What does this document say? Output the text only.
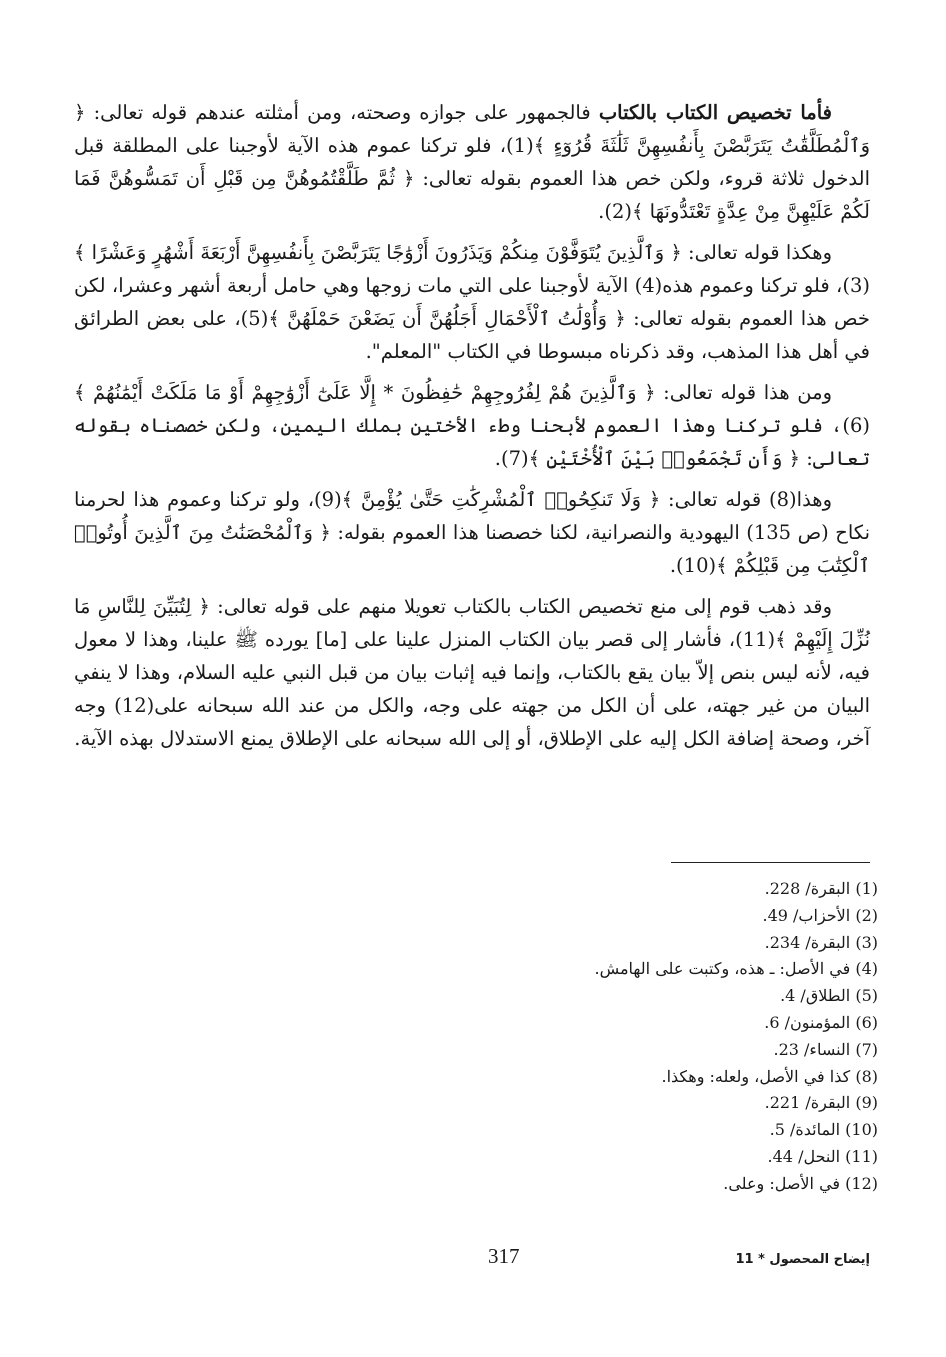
فأما تخصيص الكتاب بالكتاب فالجمهور على جوازه وصحته، ومن أمثلته عندهم قوله تعالى: ﴿ وَٱلْمُطَلَّقَٰتُ يَتَرَبَّصْنَ بِأَنفُسِهِنَّ ثَلَٰثَةَ قُرُوٓءٍ ﴾(1)، فلو تركنا عموم هذه الآية لأوجبنا على المطلقة قبل الدخول ثلاثة قروء، ولكن خص هذا العموم بقوله تعالى: ﴿ ثُمَّ طَلَّقْتُمُوهُنَّ مِن قَبْلِ أَن تَمَسُّوهُنَّ فَمَا لَكُمْ عَلَيْهِنَّ مِنْ عِدَّةٍ تَعْتَدُّونَهَا ﴾(2).

وهكذا قوله تعالى: ﴿ وَٱلَّذِينَ يُتَوَفَّوْنَ مِنكُمْ وَيَذَرُونَ أَزْوَٰجًا يَتَرَبَّصْنَ بِأَنفُسِهِنَّ أَرْبَعَةَ أَشْهُرٍ وَعَشْرًا ﴾(3)، فلو تركنا وعموم هذه(4) الآية لأوجبنا على التي مات زوجها وهي حامل أربعة أشهر وعشرا، لكن خص هذا العموم بقوله تعالى: ﴿ وَأُوْلَٰتُ ٱلْأَحْمَالِ أَجَلُهُنَّ أَن يَضَعْنَ حَمْلَهُنَّ ﴾(5)، على بعض الطرائق في أهل هذا المذهب، وقد ذكرناه مبسوطا في الكتاب "المعلم".

ومن هذا قوله تعالى: ﴿ وَٱلَّذِينَ هُمْ لِفُرُوجِهِمْ حَٰفِظُونَ * إِلَّا عَلَىٰٓ أَزْوَٰجِهِمْ أَوْ مَا مَلَكَتْ أَيْمَٰنُهُمْ ﴾(6)، فلو تركنا وهذا العموم لأبحنا وطء الأختين بملك اليمين، ولكن خصصناه بقوله تعالى: ﴿ وَأَن تَجْمَعُوا۟ بَيْنَ ٱلْأُخْتَيْنِ ﴾(7).

وهذا(8) قوله تعالى: ﴿ وَلَا تَنكِحُوا۟ ٱلْمُشْرِكَٰتِ حَتَّىٰ يُؤْمِنَّ ﴾(9)، ولو تركنا وعموم هذا لحرمنا نكاح (ص 135) اليهودية والنصرانية، لكنا خصصنا هذا العموم بقوله: ﴿ وَٱلْمُحْصَنَٰتُ مِنَ ٱلَّذِينَ أُوتُوا۟ ٱلْكِتَٰبَ مِن قَبْلِكُمْ ﴾(10).

وقد ذهب قوم إلى منع تخصيص الكتاب بالكتاب تعويلا منهم على قوله تعالى: ﴿ لِتُبَيِّنَ لِلنَّاسِ مَا نُزِّلَ إِلَيْهِمْ ﴾(11)، فأشار إلى قصر بيان الكتاب المنزل علينا على [ما] يورده ﷺ علينا، وهذا لا معول فيه، لأنه ليس بنص إلاّ بيان يقع بالكتاب، وإنما فيه إثبات بيان من قبل النبي عليه السلام، وهذا لا ينفي البيان من غير جهته، على أن الكل من جهته على وجه، والكل من عند الله سبحانه على(12) وجه آخر، وصحة إضافة الكل إليه على الإطلاق، أو إلى الله سبحانه على الإطلاق يمنع الاستدلال بهذه الآية.

(1) البقرة/ 228.
(2) الأحزاب/ 49.
(3) البقرة/ 234.
(4) في الأصل: ـ هذه، وكتبت على الهامش.
(5) الطلاق/ 4.
(6) المؤمنون/ 6.
(7) النساء/ 23.
(8) كذا في الأصل، ولعله: وهكذا.
(9) البقرة/ 221.
(10) المائدة/ 5.
(11) النحل/ 44.
(12) في الأصل: وعلى.
إيضاح المحصول * 11
317
